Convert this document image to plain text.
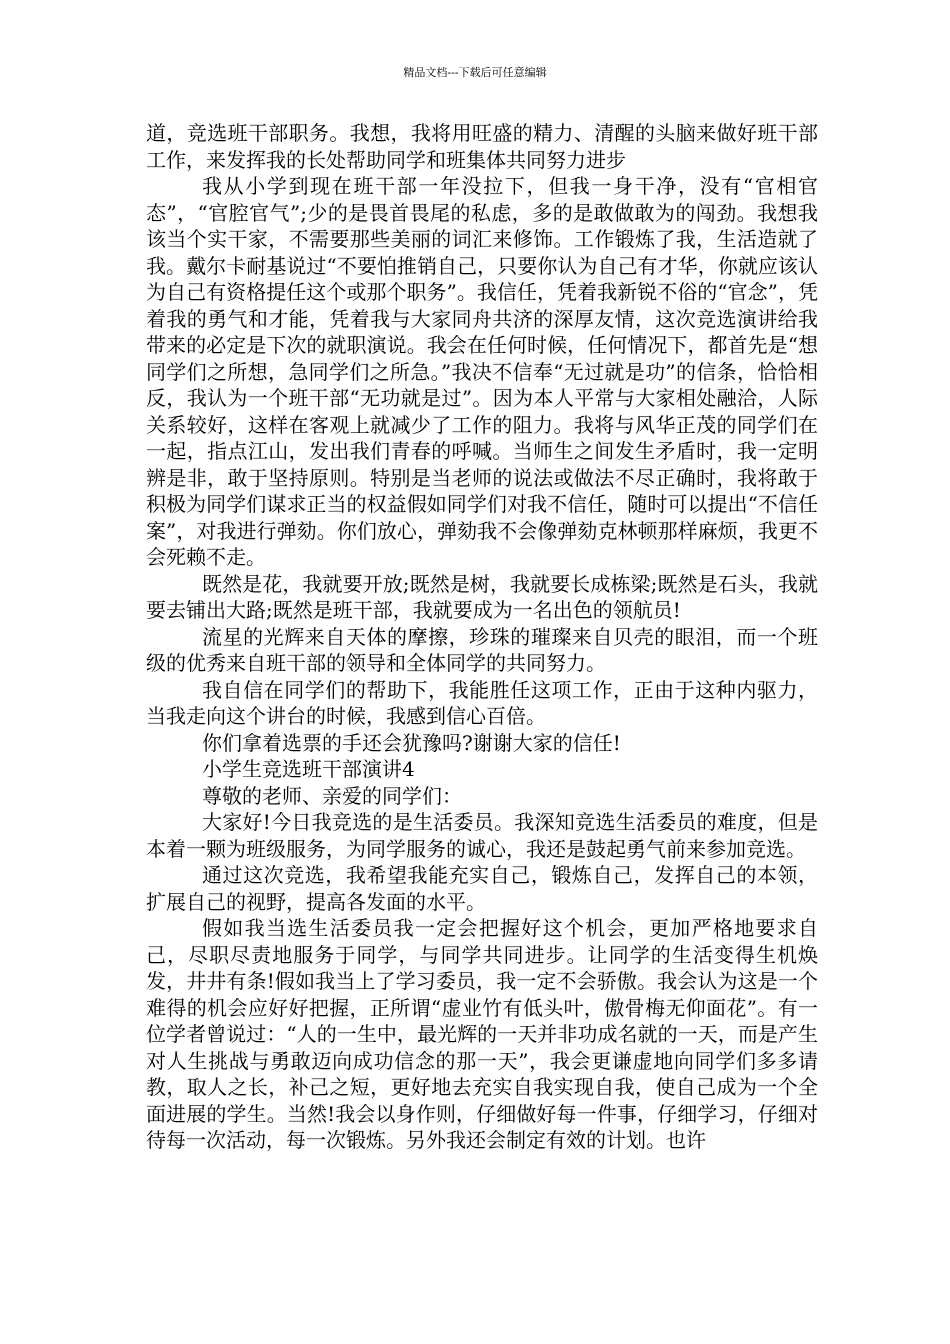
精品文档---下载后可任意编辑

道，竞选班干部职务。我想，我将用旺盛的精力、清醒的头脑来做好班干部工作，来发挥我的长处帮助同学和班集体共同努力进步

我从小学到现在班干部一年没拉下，但我一身干净，没有“官相官态”，“官腔官气”;少的是畏首畏尾的私虑，多的是敢做敢为的闯劲。我想我该当个实干家，不需要那些美丽的词汇来修饰。工作锻炼了我，生活造就了我。戴尔卡耐基说过“不要怕推销自己，只要你认为自己有才华，你就应该认为自己有资格提任这个或那个职务”。我信任，凭着我新锐不俗的“官念”，凭着我的勇气和才能，凭着我与大家同舟共济的深厚友情，这次竞选演讲给我带来的必定是下次的就职演说。我会在任何时候，任何情况下，都首先是“想同学们之所想，急同学们之所急。”我决不信奉“无过就是功”的信条，恰恰相反，我认为一个班干部“无功就是过”。因为本人平常与大家相处融洽，人际关系较好，这样在客观上就减少了工作的阻力。我将与风华正茂的同学们在一起，指点江山，发出我们青春的呼喊。当师生之间发生矛盾时，我一定明辨是非，敢于坚持原则。特别是当老师的说法或做法不尽正确时，我将敢于积极为同学们谋求正当的权益假如同学们对我不信任，随时可以提出“不信任案”，对我进行弹劾。你们放心，弹劾我不会像弹劾克林顿那样麻烦，我更不会死赖不走。

既然是花，我就要开放;既然是树，我就要长成栋梁;既然是石头，我就要去铺出大路;既然是班干部，我就要成为一名出色的领航员!

流星的光辉来自天体的摩擦，珍珠的璀璨来自贝壳的眼泪，而一个班级的优秀来自班干部的领导和全体同学的共同努力。

我自信在同学们的帮助下，我能胜任这项工作，正由于这种内驱力，当我走向这个讲台的时候，我感到信心百倍。

你们拿着选票的手还会犹豫吗?谢谢大家的信任!

小学生竞选班干部演讲4

尊敬的老师、亲爱的同学们：

大家好!今日我竞选的是生活委员。我深知竞选生活委员的难度，但是本着一颗为班级服务，为同学服务的诚心，我还是鼓起勇气前来参加竞选。

通过这次竞选，我希望我能充实自己，锻炼自己，发挥自己的本领，扩展自己的视野，提高各发面的水平。

假如我当选生活委员我一定会把握好这个机会，更加严格地要求自己，尽职尽责地服务于同学，与同学共同进步。让同学的生活变得生机焕发，井井有条!假如我当上了学习委员，我一定不会骄傲。我会认为这是一个难得的机会应好好把握，正所谓“虚业竹有低头叶，傲骨梅无仰面花”。有一位学者曾说过：“人的一生中，最光辉的一天并非功成名就的一天，而是产生对人生挑战与勇敢迈向成功信念的那一天”，我会更谦虚地向同学们多多请教，取人之长，补己之短，更好地去充实自我实现自我，使自己成为一个全面进展的学生。当然!我会以身作则，仔细做好每一件事，仔细学习，仔细对待每一次活动，每一次锻炼。另外我还会制定有效的计划。也许
